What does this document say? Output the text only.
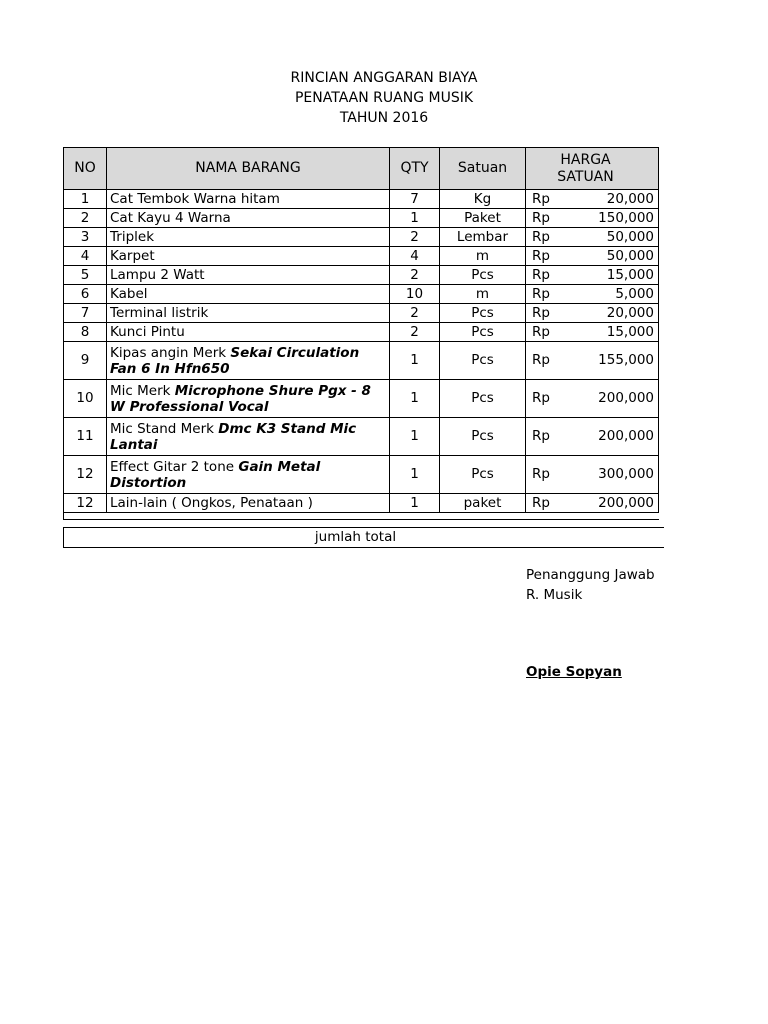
RINCIAN ANGGARAN BIAYA
PENATAAN RUANG MUSIK
TAHUN 2016
NO	NAMA BARANG	QTY	Satuan	HARGA
SATUAN	

1	Cat Tembok Warna hitam	7	Kg	Rp	20,000
2	Cat Kayu 4 Warna	1	Paket	Rp	150,000
3	Triplek	2	Lembar	Rp	50,000
4	Karpet	4	m	Rp	50,000
5	Lampu 2 Watt	2	Pcs	Rp	15,000
6	Kabel	10	m	Rp	5,000
7	Terminal listrik	2	Pcs	Rp	20,000
8	Kunci Pintu	2	Pcs	Rp	15,000
9	Kipas angin Merk Sekai Circulation Fan 6 In Hfn650	1	Pcs	Rp	155,000
10	Mic Merk Microphone Shure Pgx - 8 W Professional Vocal	1	Pcs	Rp	200,000
11	Mic Stand Merk Dmc K3 Stand Mic Lantai	1	Pcs	Rp	200,000
12	Effect Gitar 2 tone Gain Metal Distortion	1	Pcs	Rp	300,000
12	Lain-lain ( Ongkos, Penataan )	1	paket	Rp	200,000

jumlah total
Penanggung Jawab
R. Musik
Opie Sopyan
